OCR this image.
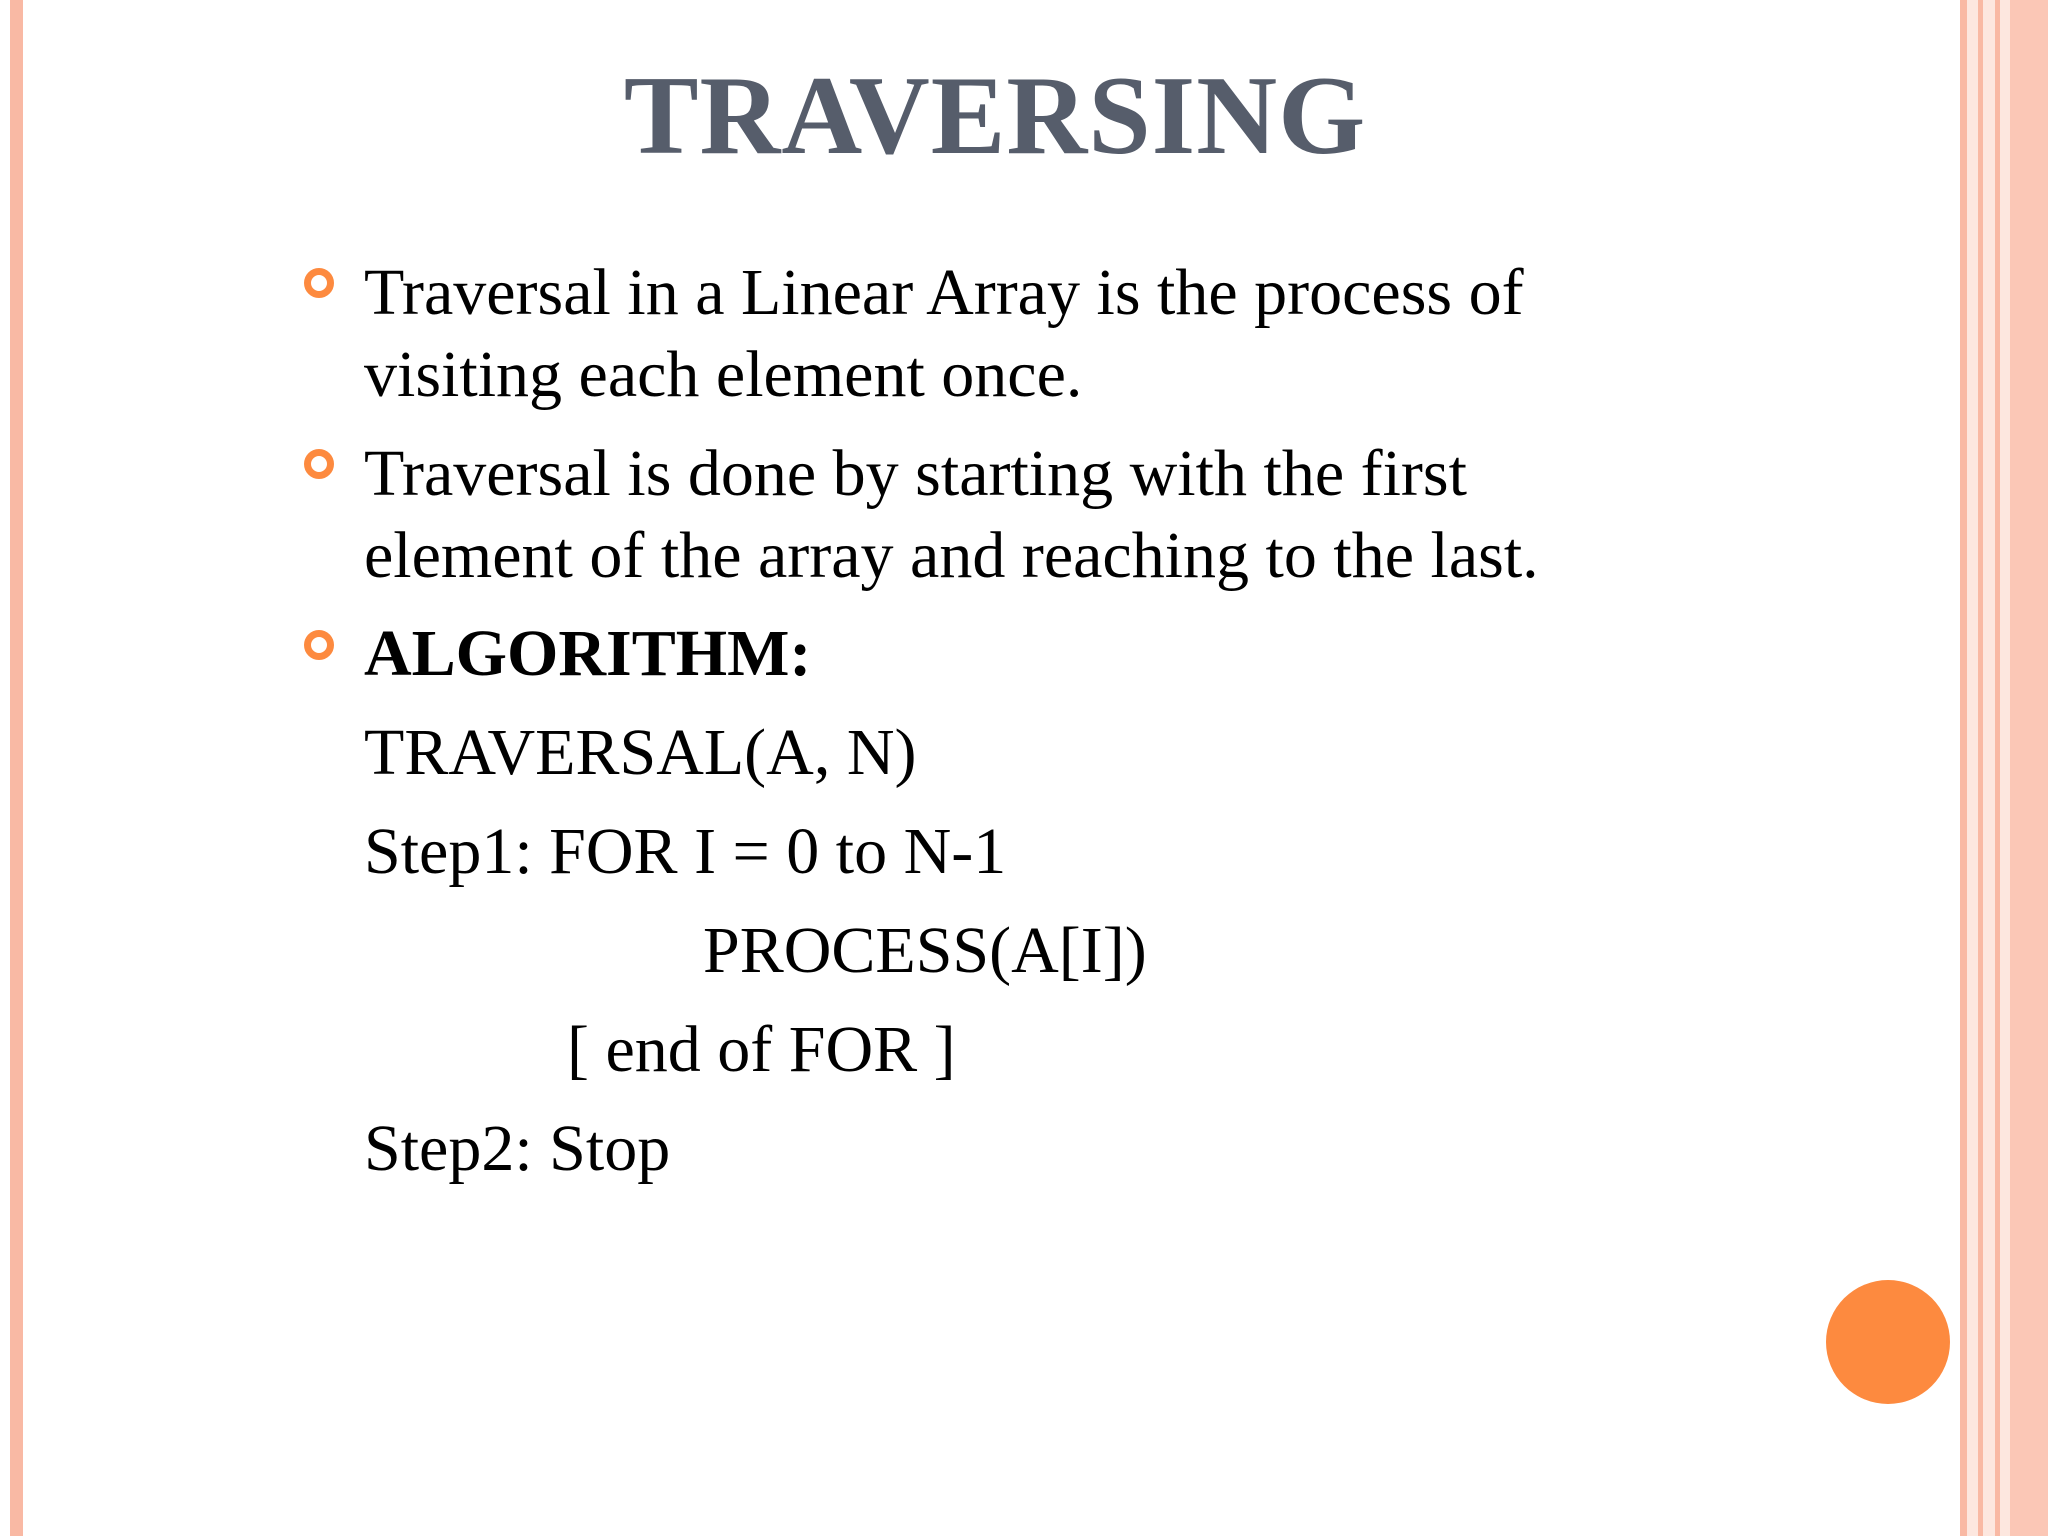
TRAVERSING
Traversal in a Linear Array is the process of
visiting each element once.
Traversal is done by starting with the first
element of the array and reaching to the last.
ALGORITHM:
TRAVERSAL(A, N)
Step1: FOR I = 0 to N-1
PROCESS(A[I])
[ end of FOR ]
Step2: Stop
